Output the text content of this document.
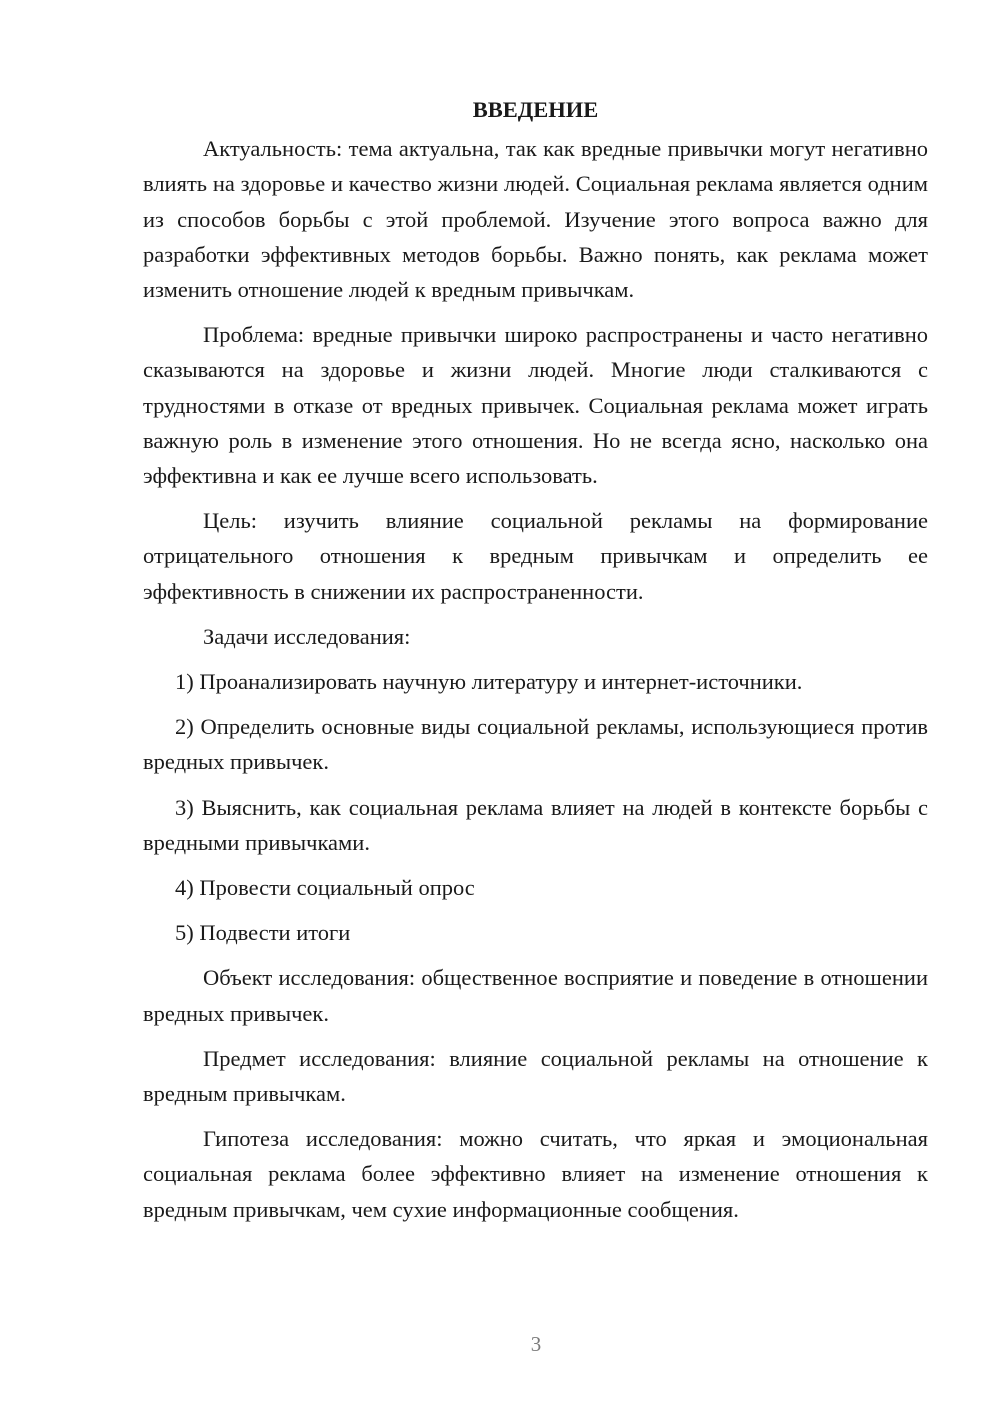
ВВЕДЕНИЕ

Актуальность: тема актуальна, так как вредные привычки могут негативно влиять на здоровье и качество жизни людей. Социальная реклама является одним из способов борьбы с этой проблемой. Изучение этого вопроса важно для разработки эффективных методов борьбы. Важно понять, как реклама может изменить отношение людей к вредным привычкам.

Проблема: вредные привычки широко распространены и часто негативно сказываются на здоровье и жизни людей. Многие люди сталкиваются с трудностями в отказе от вредных привычек. Социальная реклама может играть важную роль в изменение этого отношения. Но не всегда ясно, насколько она эффективна и как ее лучше всего использовать.

Цель: изучить влияние социальной рекламы на формирование отрицательного отношения к вредным привычкам и определить ее эффективность в снижении их распространенности.

Задачи исследования:

1) Проанализировать научную литературу и интернет-источники.

2) Определить основные виды социальной рекламы, использующиеся против вредных привычек.

3) Выяснить, как социальная реклама влияет на людей в контексте борьбы с вредными привычками.

4) Провести социальный опрос

5) Подвести итоги

Объект исследования: общественное восприятие и поведение в отношении вредных привычек.

Предмет исследования: влияние социальной рекламы на отношение к вредным привычкам.

Гипотеза исследования: можно считать, что яркая и эмоциональная социальная реклама более эффективно влияет на изменение отношения к вредным привычкам, чем сухие информационные сообщения.

3
